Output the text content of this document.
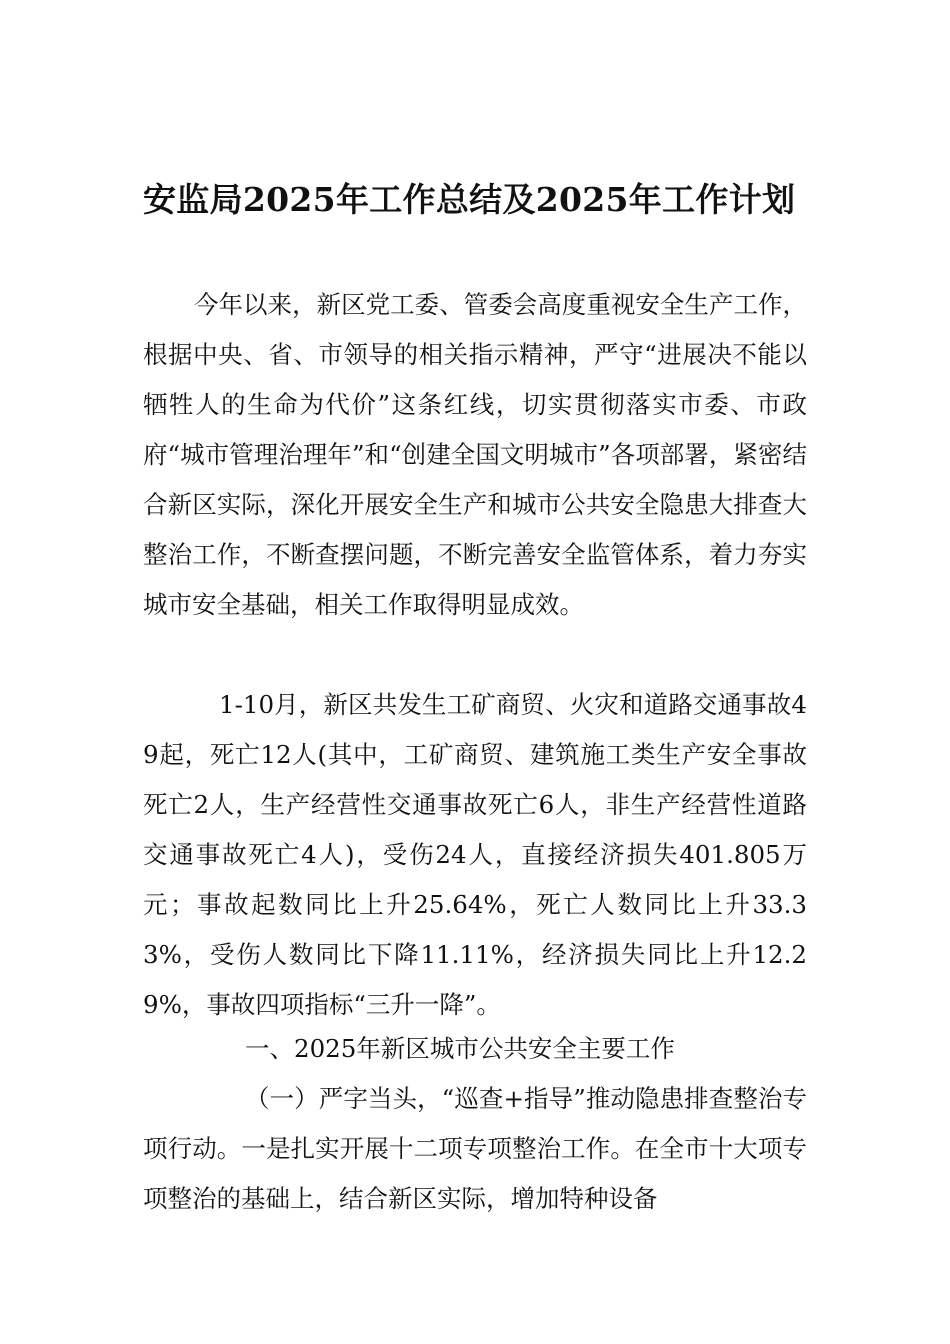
安监局2025年工作总结及2025年工作计划
今年以来，新区党工委、管委会高度重视安全生产工作，根据中央、省、市领导的相关指示精神，严守“进展决不能以牺牲人的生命为代价”这条红线，切实贯彻落实市委、市政府“城市管理治理年”和“创建全国文明城市”各项部署，紧密结合新区实际，深化开展安全生产和城市公共安全隐患大排查大整治工作，不断查摆问题，不断完善安全监管体系，着力夯实城市安全基础，相关工作取得明显成效。
1-10月，新区共发生工矿商贸、火灾和道路交通事故49起，死亡12人(其中，工矿商贸、建筑施工类生产安全事故死亡2人，生产经营性交通事故死亡6人，非生产经营性道路交通事故死亡4人)，受伤24人，直接经济损失401.805万元；事故起数同比上升25.64%，死亡人数同比上升33.33%，受伤人数同比下降11.11%，经济损失同比上升12.29%，事故四项指标“三升一降”。
一、2025年新区城市公共安全主要工作
（一）严字当头，“巡查+指导”推动隐患排查整治专项行动。一是扎实开展十二项专项整治工作。在全市十大项专项整治的基础上，结合新区实际，增加特种设备
